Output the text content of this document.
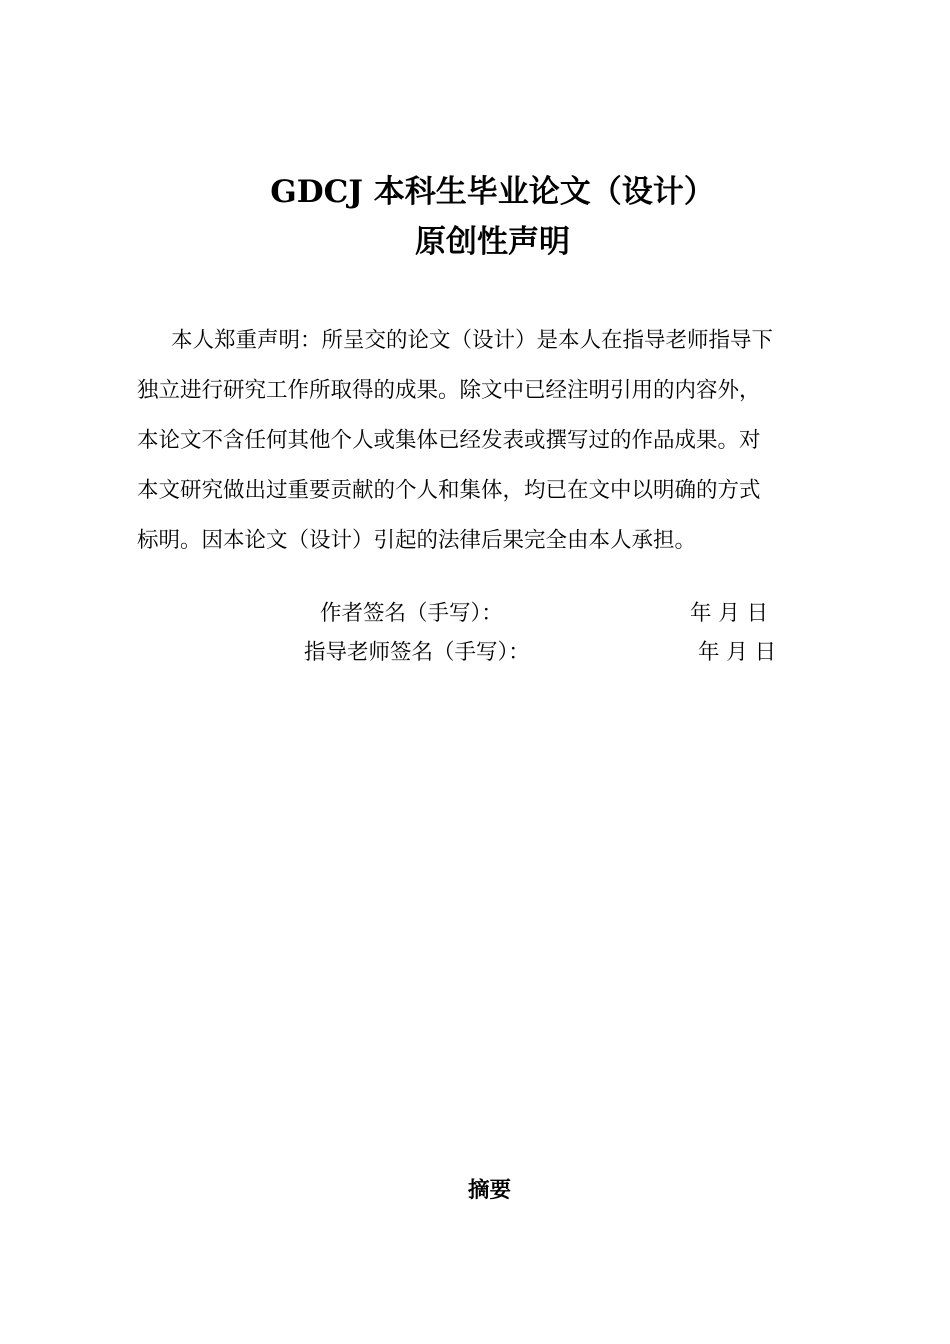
GDCJ 本科生毕业论文（设计）
原创性声明
本人郑重声明：所呈交的论文（设计）是本人在指导老师指导下
独立进行研究工作所取得的成果。除文中已经注明引用的内容外，
本论文不含任何其他个人或集体已经发表或撰写过的作品成果。对
本文研究做出过重要贡献的个人和集体，均已在文中以明确的方式
标明。因本论文（设计）引起的法律后果完全由本人承担。
作者签名（手写）：	年 月 日
指导老师签名（手写）：	年 月 日
摘要
